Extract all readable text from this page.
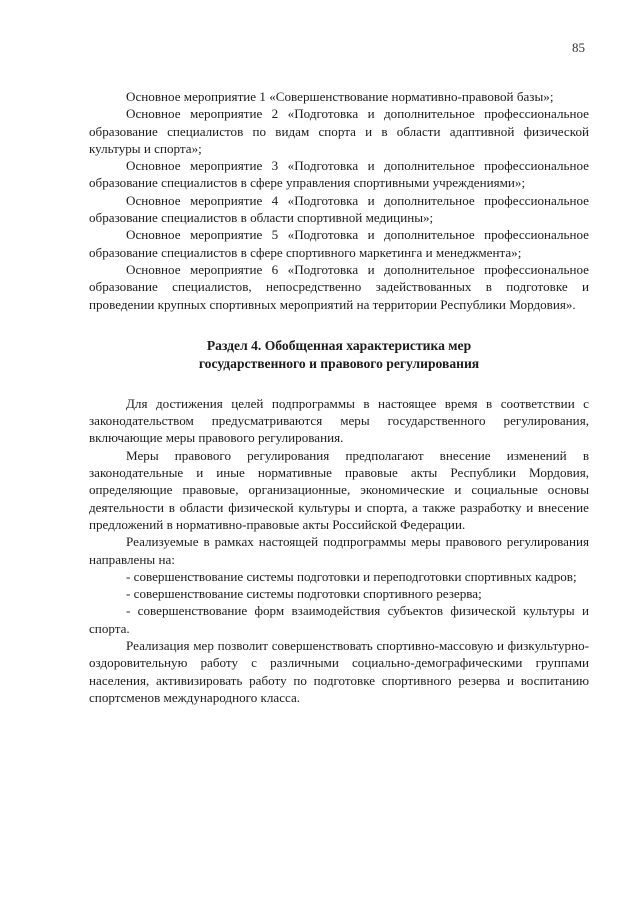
85

Основное мероприятие 1 «Совершенствование нормативно-правовой базы»;

Основное мероприятие 2 «Подготовка и дополнительное профессиональное образование специалистов по видам спорта и в области адаптивной физической культуры и спорта»;

Основное мероприятие 3 «Подготовка и дополнительное профессиональное образование специалистов в сфере управления спортивными учреждениями»;

Основное мероприятие 4 «Подготовка и дополнительное профессиональное образование специалистов в области спортивной медицины»;

Основное мероприятие 5 «Подготовка и дополнительное профессиональное образование специалистов в сфере спортивного маркетинга и менеджмента»;

Основное мероприятие 6 «Подготовка и дополнительное профессиональное образование специалистов, непосредственно задействованных в подготовке и проведении крупных спортивных мероприятий на территории Республики Мордовия».

Раздел 4. Обобщенная характеристика мер
государственного и правового регулирования

Для достижения целей подпрограммы в настоящее время в соответствии с законодательством предусматриваются меры государственного регулирования, включающие меры правового регулирования.

Меры правового регулирования предполагают внесение изменений в законодательные и иные нормативные правовые акты Республики Мордовия, определяющие правовые, организационные, экономические и социальные основы деятельности в области физической культуры и спорта, а также разработку и внесение предложений в нормативно-правовые акты Российской Федерации.

Реализуемые в рамках настоящей подпрограммы меры правового регулирования направлены на:

- совершенствование системы подготовки и переподготовки спортивных кадров;

- совершенствование системы подготовки спортивного резерва;

- совершенствование форм взаимодействия субъектов физической культуры и спорта.

Реализация мер позволит совершенствовать спортивно-массовую и физкультурно-оздоровительную работу с различными социально-демографическими группами населения, активизировать работу по подготовке спортивного резерва и воспитанию спортсменов международного класса.
